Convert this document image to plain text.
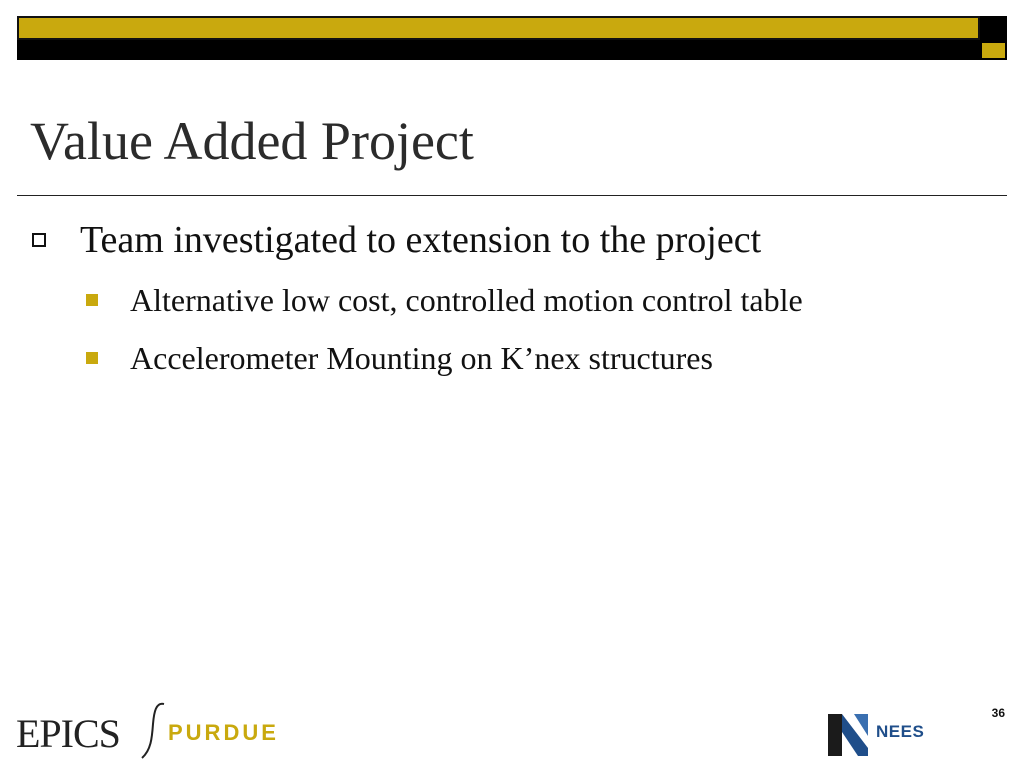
Value Added Project
Team investigated to extension to the project
Alternative low cost, controlled motion control table
Accelerometer Mounting on K’nex structures
EPICS PURDUE
36
NEES
